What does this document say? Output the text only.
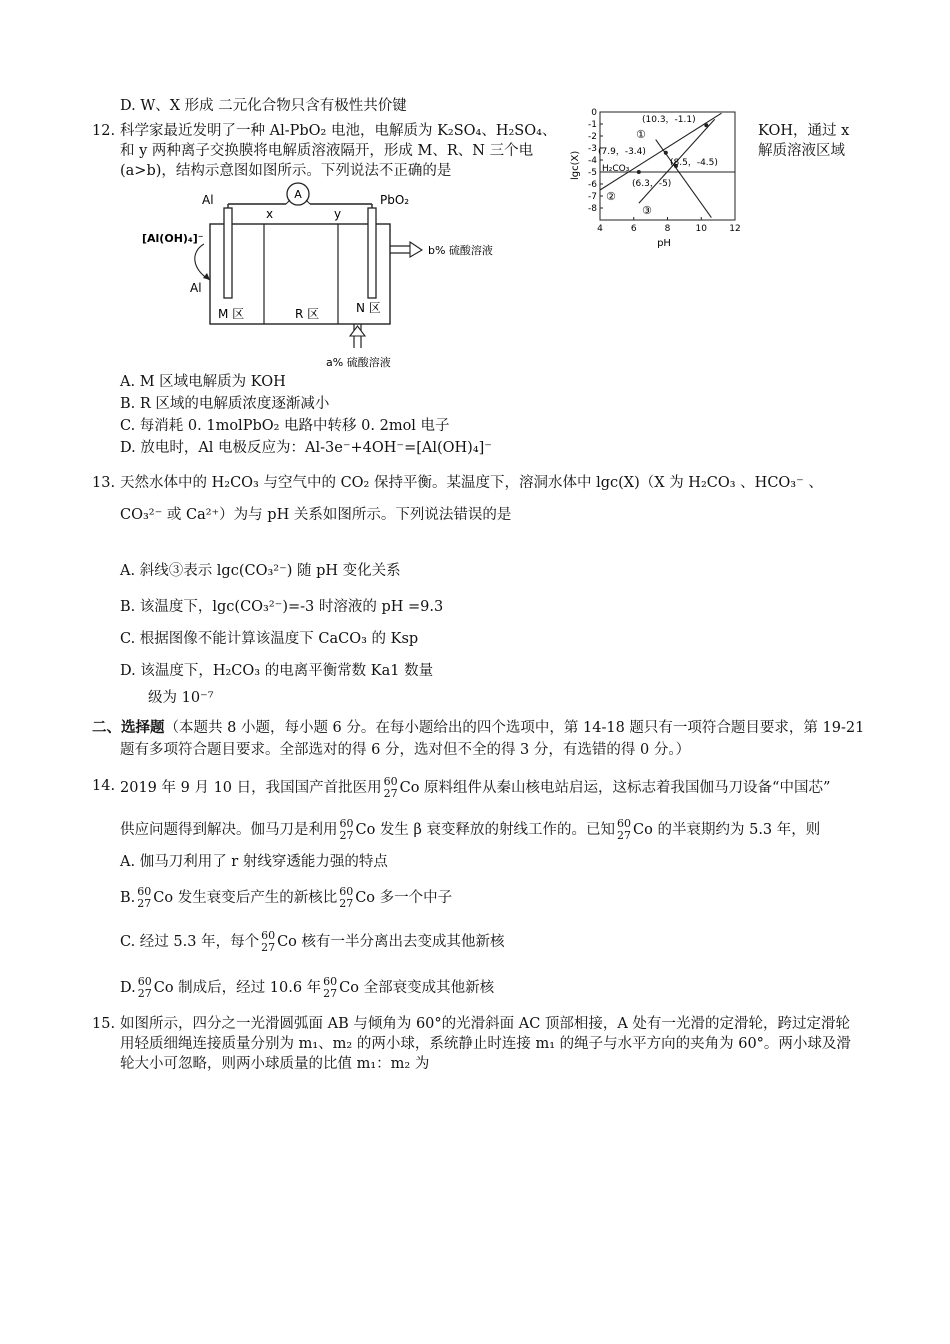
D. W、X 形成 二元化合物只含有极性共价键
12. 科学家最近发明了一种 Al-PbO₂ 电池，电解质为 K₂SO₄、H₂SO₄、	KOH，通过 x
和 y 两种离子交换膜将电解质溶液隔开，形成 M、R、N 三个电	解质溶液区域
(a>b)，结构示意图如图所示。下列说法不正确的是
A
Al	PbO₂
x	y
[Al(OH)₄]⁻
Al
M 区	R 区	N 区
b% 硫酸溶液
a% 硫酸溶液
A. M 区域电解质为 KOH
B. R 区域的电解质浓度逐渐减小
C. 每消耗 0. 1molPbO₂ 电路中转移 0. 2mol 电子
D. 放电时，Al 电极反应为：Al-3e⁻+4OH⁻=[Al(OH)₄]⁻
0
-1
-2
-3
-4
-5
-6
-7
-8
4	6	8	10 12
lgc(X)
pH
(10.3，-1.1)
(7.9，-3.4)
(8.5，-4.5)
(6.3，-5)
H₂CO₃
①
②
③
13. 天然水体中的 H₂CO₃ 与空气中的 CO₂ 保持平衡。某温度下，溶洞水体中 lgc(X)（X 为 H₂CO₃ 、HCO₃⁻ 、
CO₃²⁻ 或 Ca²⁺）为与 pH 关系如图所示。下列说法错误的是
A. 斜线③表示 lgc(CO₃²⁻) 随 pH 变化关系
B. 该温度下，lgc(CO₃²⁻)=-3 时溶液的 pH =9.3
C. 根据图像不能计算该温度下 CaCO₃ 的 Ksp
D. 该温度下，H₂CO₃ 的电离平衡常数 Ka1 数量
级为 10⁻⁷
二、选择题（本题共 8 小题，每小题 6 分。在每小题给出的四个选项中，第 14-18 题只有一项符合题目要求，第 19-21
题有多项符合题目要求。全部选对的得 6 分，选对但不全的得 3 分，有选错的得 0 分。）
14. 2019 年 9 月 10 日，我国国产首批医用 60
27 Co 原料组件从秦山核电站启运，这标志着我国伽马刀设备“中国芯”
供应问题得到解决。伽马刀是利用 60
27 Co 发生 β 衰变释放的射线工作的。已知 60
27 Co 的半衰期约为 5.3 年，则
A. 伽马刀利用了 r 射线穿透能力强的特点
B. 60
27 Co 发生衰变后产生的新核比 60
27 Co 多一个中子
C. 经过 5.3 年，每个 60
27 Co 核有一半分离出去变成其他新核
D. 60
27 Co 制成后，经过 10.6 年 60
27 Co 全部衰变成其他新核
15. 如图所示，四分之一光滑圆弧面 AB 与倾角为 60°的光滑斜面 AC 顶部相接，A 处有一光滑的定滑轮，跨过定滑轮
用轻质细绳连接质量分别为 m₁、m₂ 的两小球，系统静止时连接 m₁ 的绳子与水平方向的夹角为 60°。两小球及滑
轮大小可忽略，则两小球质量的比值 m₁：m₂ 为
